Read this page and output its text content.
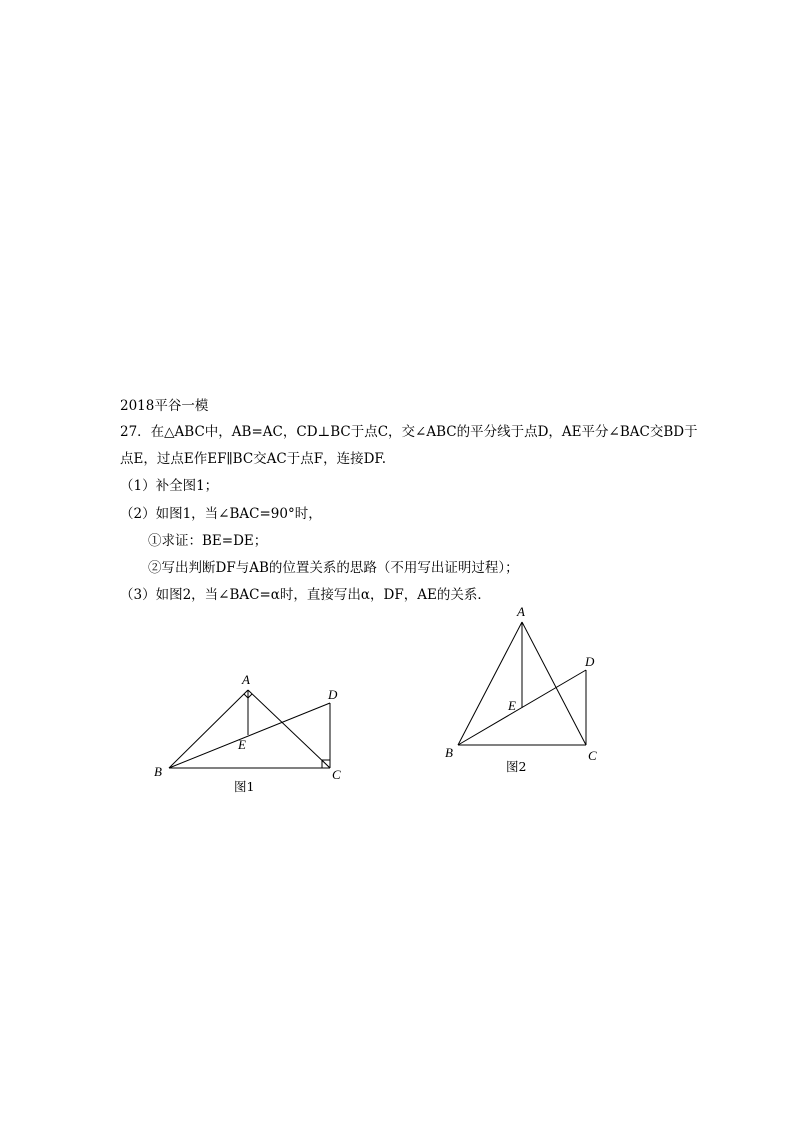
2018平谷一模
27．在△ABC中，AB=AC，CD⊥BC于点C，交∠ABC的平分线于点D，AE平分∠BAC交BD于
点E，过点E作EF∥BC交AC于点F，连接DF.
（1）补全图1；
（2）如图1，当∠BAC=90°时，
①求证：BE=DE；
②写出判断DF与AB的位置关系的思路（不用写出证明过程）；
（3）如图2，当∠BAC=α时，直接写出α，DF，AE的关系．
A
B	C
D
E
图1
A
B	C
D
E
图2
